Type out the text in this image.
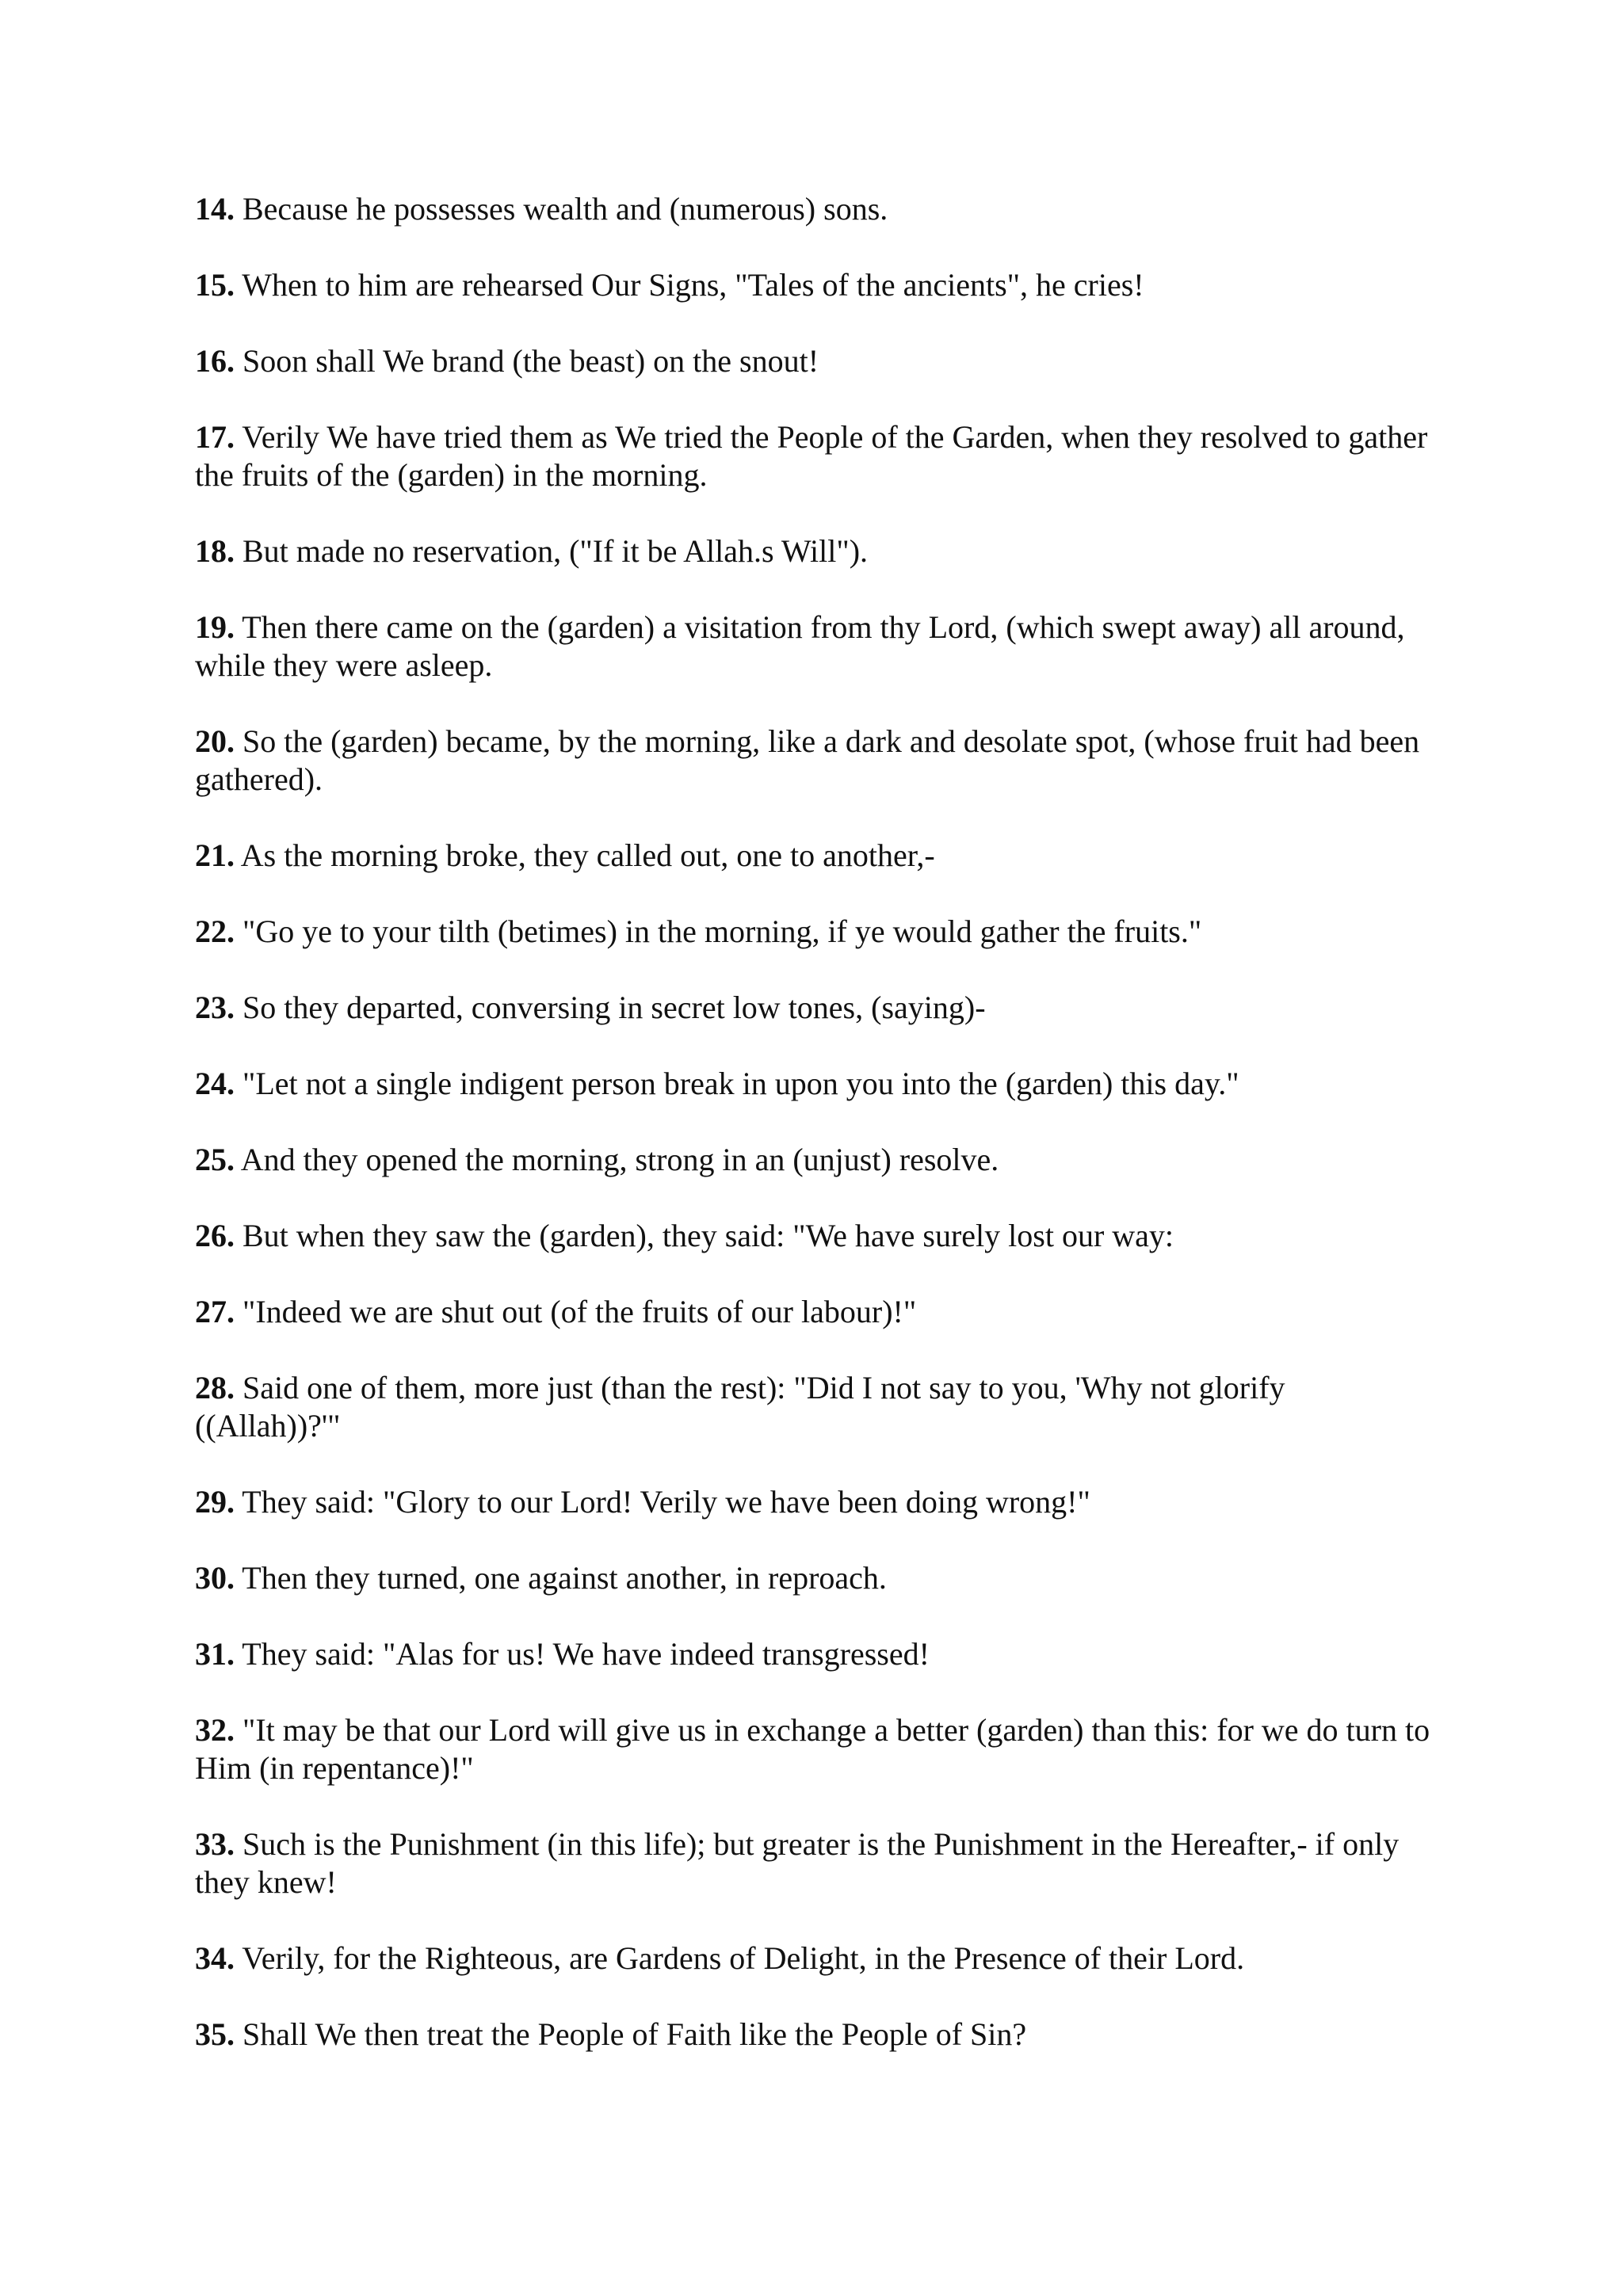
14. Because he possesses wealth and (numerous) sons.
15. When to him are rehearsed Our Signs, "Tales of the ancients", he cries!
16. Soon shall We brand (the beast) on the snout!
17. Verily We have tried them as We tried the People of the Garden, when they resolved to gather the fruits of the (garden) in the morning.
18. But made no reservation, ("If it be Allah.s Will").
19. Then there came on the (garden) a visitation from thy Lord, (which swept away) all around, while they were asleep.
20. So the (garden) became, by the morning, like a dark and desolate spot, (whose fruit had been gathered).
21. As the morning broke, they called out, one to another,-
22. "Go ye to your tilth (betimes) in the morning, if ye would gather the fruits."
23. So they departed, conversing in secret low tones, (saying)-
24. "Let not a single indigent person break in upon you into the (garden) this day."
25. And they opened the morning, strong in an (unjust) resolve.
26. But when they saw the (garden), they said: "We have surely lost our way:
27. "Indeed we are shut out (of the fruits of our labour)!"
28. Said one of them, more just (than the rest): "Did I not say to you, 'Why not glorify ((Allah))?'"
29. They said: "Glory to our Lord! Verily we have been doing wrong!"
30. Then they turned, one against another, in reproach.
31. They said: "Alas for us! We have indeed transgressed!
32. "It may be that our Lord will give us in exchange a better (garden) than this: for we do turn to Him (in repentance)!"
33. Such is the Punishment (in this life); but greater is the Punishment in the Hereafter,- if only they knew!
34. Verily, for the Righteous, are Gardens of Delight, in the Presence of their Lord.
35. Shall We then treat the People of Faith like the People of Sin?
